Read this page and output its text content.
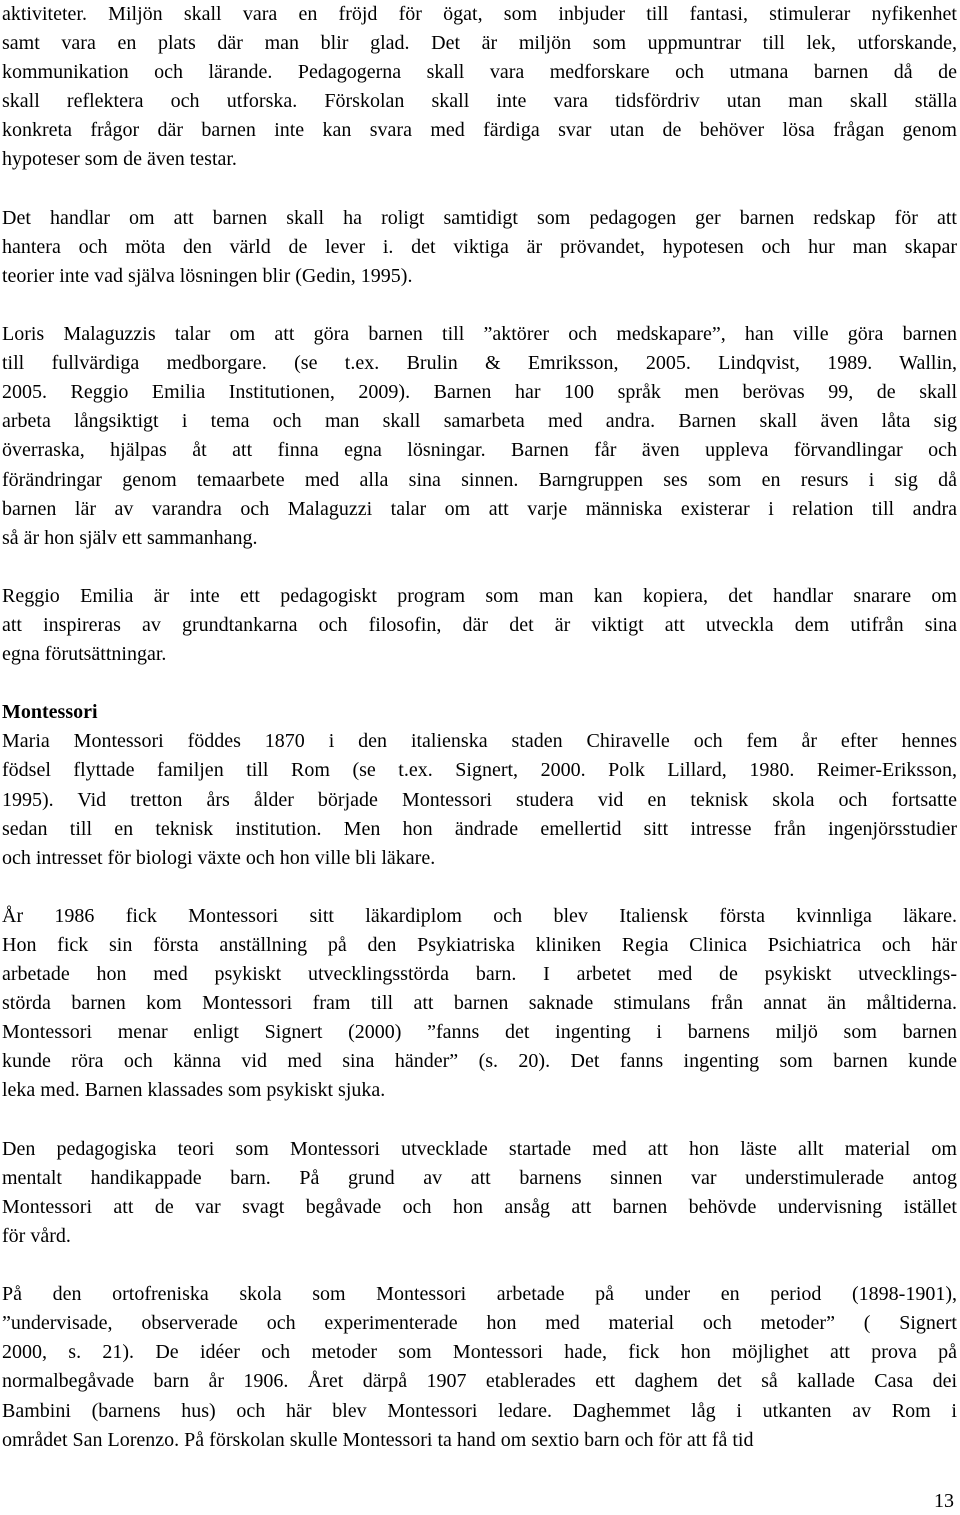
aktiviteter. Miljön skall vara en fröjd för ögat, som inbjuder till fantasi, stimulerar nyfikenhet
samt vara en plats där man blir glad. Det är miljön som uppmuntrar till lek, utforskande,
kommunikation och lärande. Pedagogerna skall vara medforskare och utmana barnen då de
skall reflektera och utforska. Förskolan skall inte vara tidsfördriv utan man skall ställa
konkreta frågor där barnen inte kan svara med färdiga svar utan de behöver lösa frågan genom
hypoteser som de även testar.
Det handlar om att barnen skall ha roligt samtidigt som pedagogen ger barnen redskap för att
hantera och möta den värld de lever i. det viktiga är prövandet, hypotesen och hur man skapar
teorier inte vad själva lösningen blir (Gedin, 1995).
Loris Malaguzzis talar om att göra barnen till ”aktörer och medskapare”, han ville göra barnen
till fullvärdiga medborgare. (se t.ex. Brulin & Emriksson, 2005. Lindqvist, 1989. Wallin,
2005. Reggio Emilia Institutionen, 2009). Barnen har 100 språk men berövas 99, de skall
arbeta långsiktigt i tema och man skall samarbeta med andra. Barnen skall även låta sig
överraska, hjälpas åt att finna egna lösningar. Barnen får även uppleva förvandlingar och
förändringar genom temaarbete med alla sina sinnen. Barngruppen ses som en resurs i sig då
barnen lär av varandra och Malaguzzi talar om att varje människa existerar i relation till andra
så är hon själv ett sammanhang.
Reggio Emilia är inte ett pedagogiskt program som man kan kopiera, det handlar snarare om
att inspireras av grundtankarna och filosofin, där det är viktigt att utveckla dem utifrån sina
egna förutsättningar.
Montessori
Maria Montessori föddes 1870 i den italienska staden Chiravelle och fem år efter hennes
födsel flyttade familjen till Rom (se t.ex. Signert, 2000. Polk Lillard, 1980. Reimer-Eriksson,
1995). Vid tretton års ålder började Montessori studera vid en teknisk skola och fortsatte
sedan till en teknisk institution. Men hon ändrade emellertid sitt intresse från ingenjörsstudier
och intresset för biologi växte och hon ville bli läkare.
År 1986 fick Montessori sitt läkardiplom och blev Italiensk första kvinnliga läkare.
Hon fick sin första anställning på den Psykiatriska kliniken Regia Clinica Psichiatrica och här
arbetade hon med psykiskt utvecklingsstörda barn. I arbetet med de psykiskt utvecklings-
störda barnen kom Montessori fram till att barnen saknade stimulans från annat än måltiderna.
Montessori menar enligt Signert (2000) ”fanns det ingenting i barnens miljö som barnen
kunde röra och känna vid med sina händer” (s. 20). Det fanns ingenting som barnen kunde
leka med. Barnen klassades som psykiskt sjuka.
Den pedagogiska teori som Montessori utvecklade startade med att hon läste allt material om
mentalt handikappade barn. På grund av att barnens sinnen var understimulerade antog
Montessori att de var svagt begåvade och hon ansåg att barnen behövde undervisning istället
för vård.
På den ortofreniska skola som Montessori arbetade på under en period (1898-1901),
”undervisade, observerade och experimenterade hon med material och metoder” ( Signert
2000, s. 21). De idéer och metoder som Montessori hade, fick hon möjlighet att prova på
normalbegåvade barn år 1906. Året därpå 1907 etablerades ett daghem det så kallade Casa dei
Bambini (barnens hus) och här blev Montessori ledare. Daghemmet låg i utkanten av Rom i
området San Lorenzo. På förskolan skulle Montessori ta hand om sextio barn och för att få tid
13
